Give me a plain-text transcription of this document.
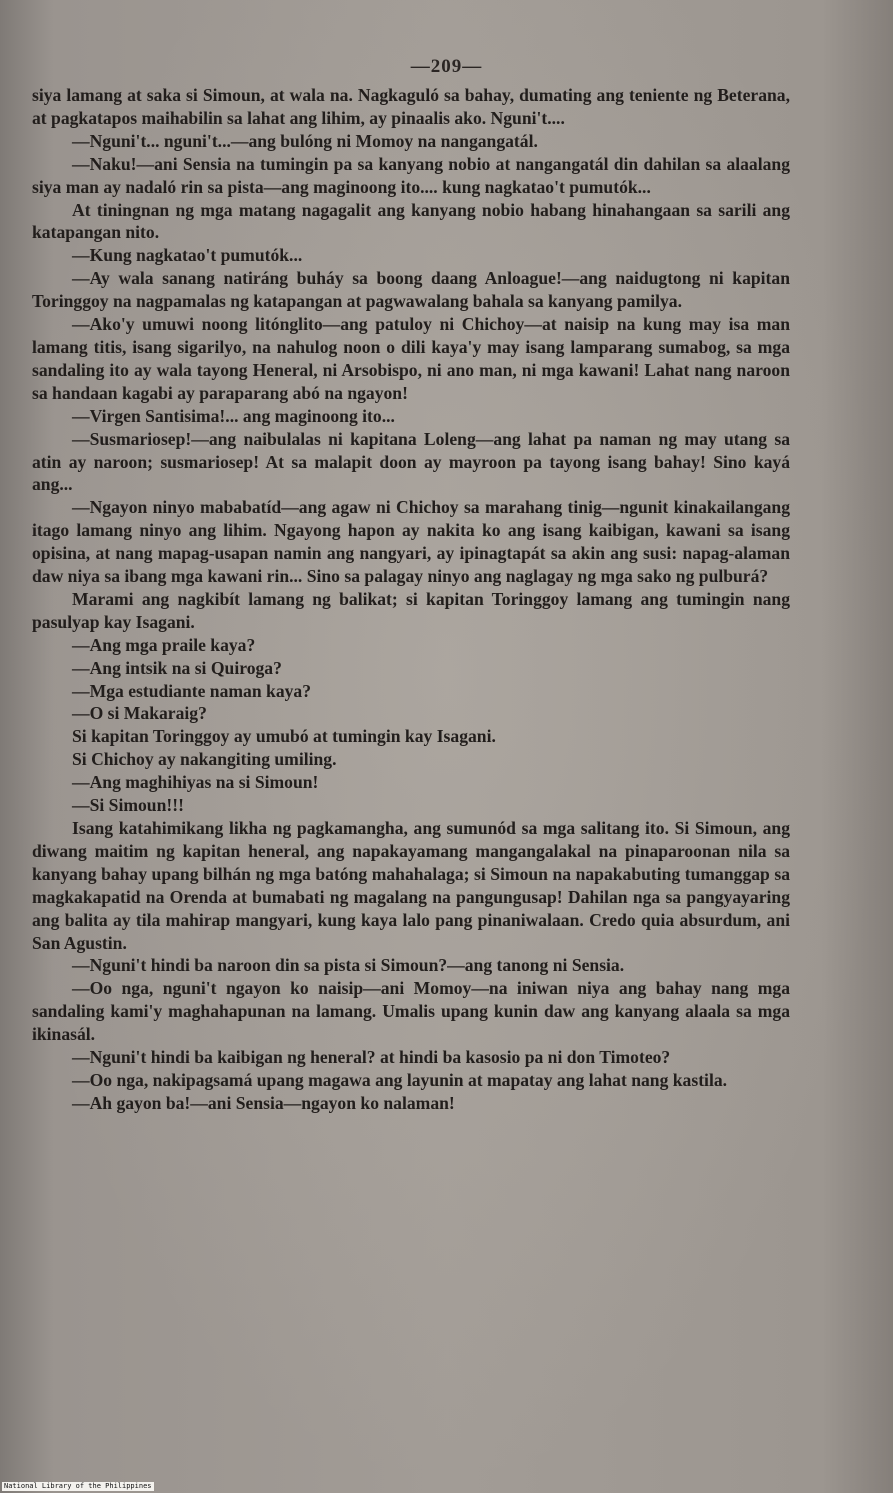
—209—

siya lamang at saka si Simoun, at wala na. Nagkaguló sa bahay, dumating ang teniente ng Beterana, at pagkatapos maihabilin sa lahat ang lihim, ay pinaalis ako. Nguni't....

—Nguni't... nguni't...—ang bulóng ni Momoy na nangangatál.

—Naku!—ani Sensia na tumingin pa sa kanyang nobio at nangangatál din dahilan sa alaalang siya man ay nadaló rin sa pista—ang maginoong ito.... kung nagkatao't pumutók...

At tiningnan ng mga matang nagagalit ang kanyang nobio habang hinahangaan sa sarili ang katapangan nito.

—Kung nagkatao't pumutók...

—Ay wala sanang natiráng buháy sa boong daang Anloague!—ang naidugtong ni kapitan Toringgoy na nagpamalas ng katapangan at pagwawalang bahala sa kanyang pamilya.

—Ako'y umuwi noong litónglito—ang patuloy ni Chichoy—at naisip na kung may isa man lamang titis, isang sigarilyo, na nahulog noon o dili kaya'y may isang lamparang sumabog, sa mga sandaling ito ay wala tayong Heneral, ni Arsobispo, ni ano man, ni mga kawani! Lahat nang naroon sa handaan kagabi ay paraparang abó na ngayon!

—Virgen Santisima!... ang maginoong ito...

—Susmariosep!—ang naibulalas ni kapitana Loleng—ang lahat pa naman ng may utang sa atin ay naroon; susmariosep! At sa malapit doon ay mayroon pa tayong isang bahay! Sino kayá ang...

—Ngayon ninyo mababatíd—ang agaw ni Chichoy sa marahang tinig—ngunit kinakailangang itago lamang ninyo ang lihim. Ngayong hapon ay nakita ko ang isang kaibigan, kawani sa isang opisina, at nang mapag-usapan namin ang nangyari, ay ipinagtapát sa akin ang susi: napag-alaman daw niya sa ibang mga kawani rin... Sino sa palagay ninyo ang naglagay ng mga sako ng pulburá?

Marami ang nagkibít lamang ng balikat; si kapitan Toringgoy lamang ang tumingin nang pasulyap kay Isagani.

—Ang mga praile kaya?

—Ang intsik na si Quiroga?

—Mga estudiante naman kaya?

—O si Makaraig?

Si kapitan Toringgoy ay umubó at tumingin kay Isagani.

Si Chichoy ay nakangiting umiling.

—Ang maghihiyas na si Simoun!

—Si Simoun!!!

Isang katahimikang likha ng pagkamangha, ang sumunód sa mga salitang ito. Si Simoun, ang diwang maitim ng kapitan heneral, ang napakayamang mangangalakal na pinaparoonan nila sa kanyang bahay upang bilhán ng mga batóng mahahalaga; si Simoun na napakabuting tumanggap sa magkakapatid na Orenda at bumabati ng magalang na pangungusap! Dahilan nga sa pangyayaring ang balita ay tila mahirap mangyari, kung kaya lalo pang pinaniwalaan. Credo quia absurdum, ani San Agustin.

—Nguni't hindi ba naroon din sa pista si Simoun?—ang tanong ni Sensia.

—Oo nga, nguni't ngayon ko naisip—ani Momoy—na iniwan niya ang bahay nang mga sandaling kami'y maghahapunan na lamang. Umalis upang kunin daw ang kanyang alaala sa mga ikinasál.

—Nguni't hindi ba kaibigan ng heneral? at hindi ba kasosio pa ni don Timoteo?

—Oo nga, nakipagsamá upang magawa ang layunin at mapatay ang lahat nang kastila.

—Ah gayon ba!—ani Sensia—ngayon ko nalaman!

National Library of the Philippines
